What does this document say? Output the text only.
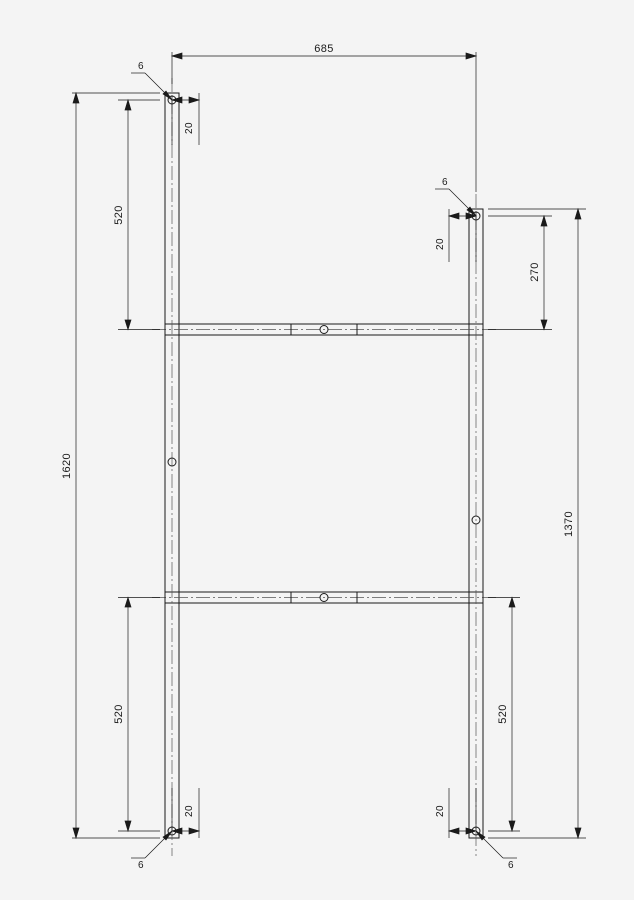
685
1620
1370
520
520
270
520
20
20
20
20
6
6
6	6
